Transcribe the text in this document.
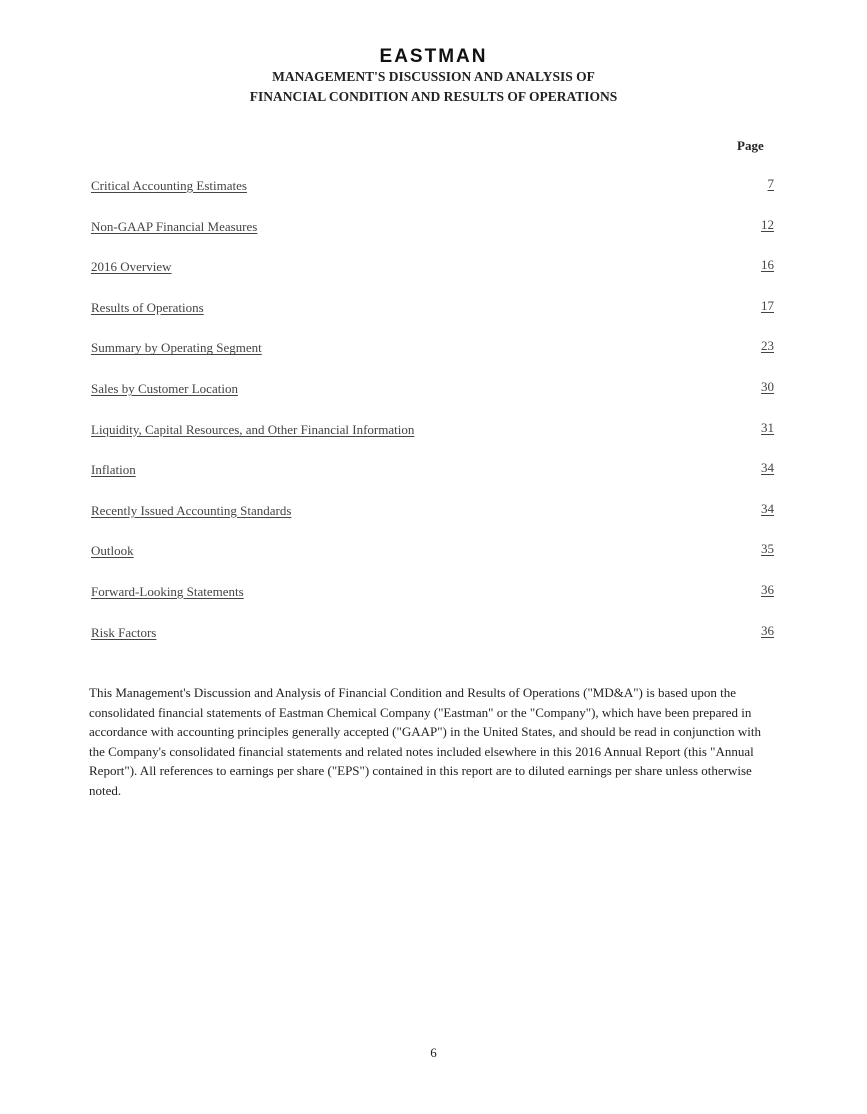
EASTMAN
MANAGEMENT'S DISCUSSION AND ANALYSIS OF
FINANCIAL CONDITION AND RESULTS OF OPERATIONS
Page
Critical Accounting Estimates	7
Non-GAAP Financial Measures	12
2016 Overview	16
Results of Operations	17
Summary by Operating Segment	23
Sales by Customer Location	30
Liquidity, Capital Resources, and Other Financial Information	31
Inflation	34
Recently Issued Accounting Standards	34
Outlook	35
Forward-Looking Statements	36
Risk Factors	36

This Management's Discussion and Analysis of Financial Condition and Results of Operations ("MD&A") is based upon the consolidated financial statements of Eastman Chemical Company ("Eastman" or the "Company"), which have been prepared in accordance with accounting principles generally accepted ("GAAP") in the United States, and should be read in conjunction with the Company's consolidated financial statements and related notes included elsewhere in this 2016 Annual Report (this "Annual Report"). All references to earnings per share ("EPS") contained in this report are to diluted earnings per share unless otherwise noted.

6
